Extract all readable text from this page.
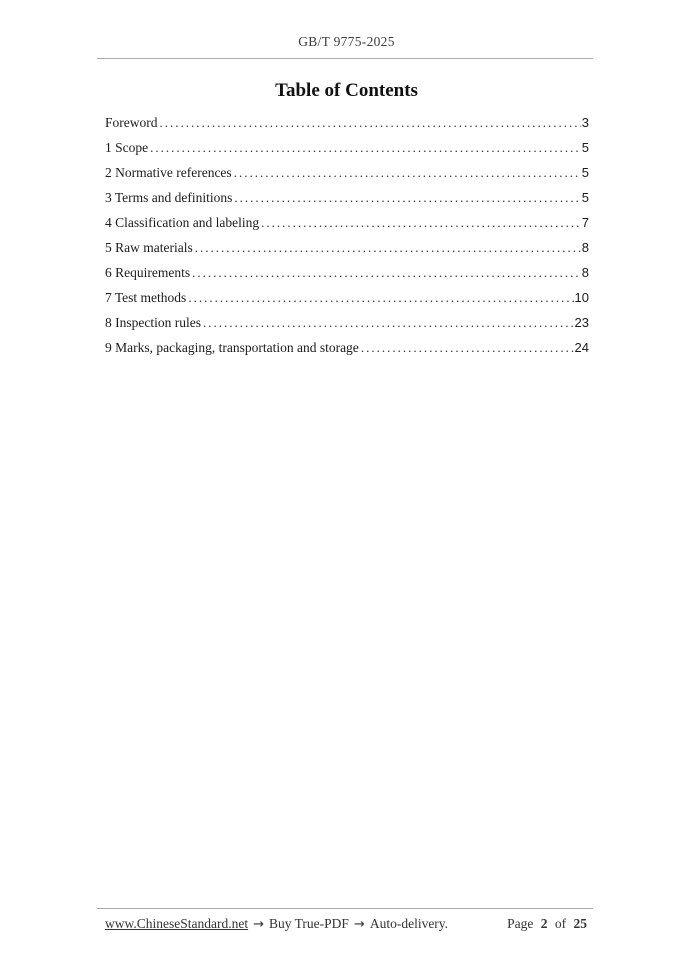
GB/T 9775-2025
Table of Contents
Foreword .....	3
1 Scope .....	5
2 Normative references .....	5
3 Terms and definitions .....	5
4 Classification and labeling .....	7
5 Raw materials .....	8
6 Requirements .....	8
7 Test methods .....	10
8 Inspection rules .....	23
9 Marks, packaging, transportation and storage .....	24
www.ChineseStandard.net → Buy True-PDF → Auto-delivery.	Page 2 of 25
